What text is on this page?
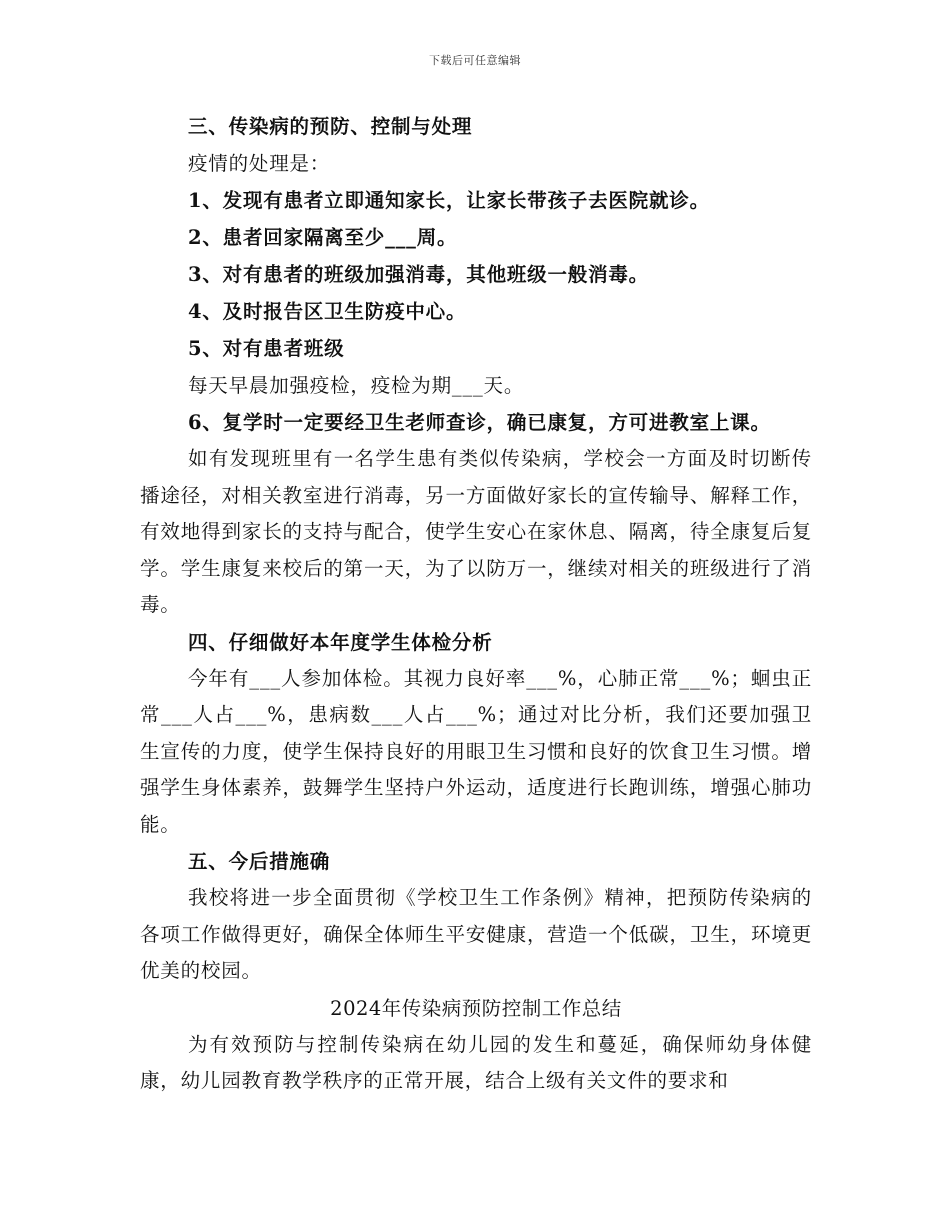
下载后可任意编辑
三、传染病的预防、控制与处理
疫情的处理是：
1、发现有患者立即通知家长，让家长带孩子去医院就诊。
2、患者回家隔离至少___周。
3、对有患者的班级加强消毒，其他班级一般消毒。
4、及时报告区卫生防疫中心。
5、对有患者班级
每天早晨加强疫检，疫检为期___天。
6、复学时一定要经卫生老师查诊，确已康复，方可进教室上课。
如有发现班里有一名学生患有类似传染病，学校会一方面及时切断传播途径，对相关教室进行消毒，另一方面做好家长的宣传输导、解释工作，有效地得到家长的支持与配合，使学生安心在家休息、隔离，待全康复后复学。学生康复来校后的第一天，为了以防万一，继续对相关的班级进行了消毒。
四、仔细做好本年度学生体检分析
今年有___人参加体检。其视力良好率___%，心肺正常___%；蛔虫正常___人占___%，患病数___人占___%；通过对比分析，我们还要加强卫生宣传的力度，使学生保持良好的用眼卫生习惯和良好的饮食卫生习惯。增强学生身体素养，鼓舞学生坚持户外运动，适度进行长跑训练，增强心肺功能。
五、今后措施确
我校将进一步全面贯彻《学校卫生工作条例》精神，把预防传染病的各项工作做得更好，确保全体师生平安健康，营造一个低碳，卫生，环境更优美的校园。
2024年传染病预防控制工作总结
为有效预防与控制传染病在幼儿园的发生和蔓延，确保师幼身体健康，幼儿园教育教学秩序的正常开展，结合上级有关文件的要求和
